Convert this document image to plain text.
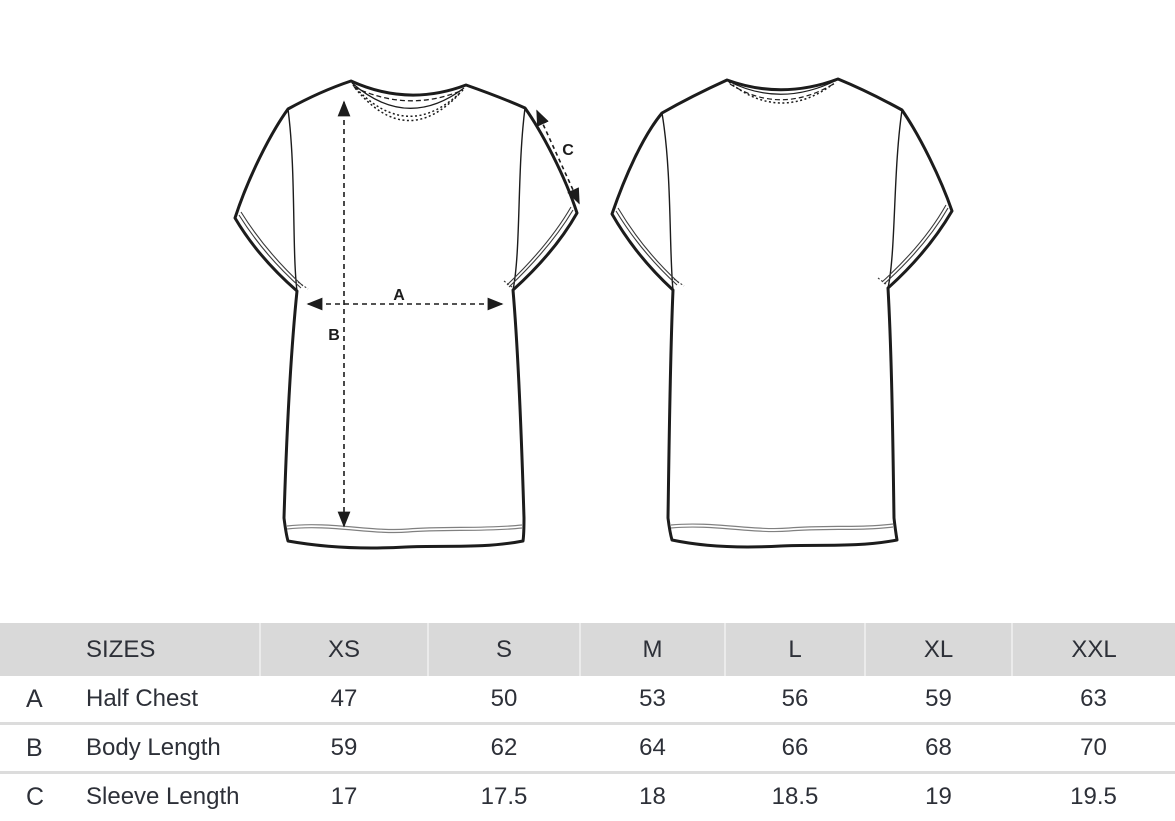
A
B
C
	SIZES	XS	S	M	L	XL	XXL
A	Half Chest	47	50	53	56	59	63
B	Body Length	59	62	64	66	68	70
C	Sleeve Length	17	17.5	18	18.5	19	19.5
